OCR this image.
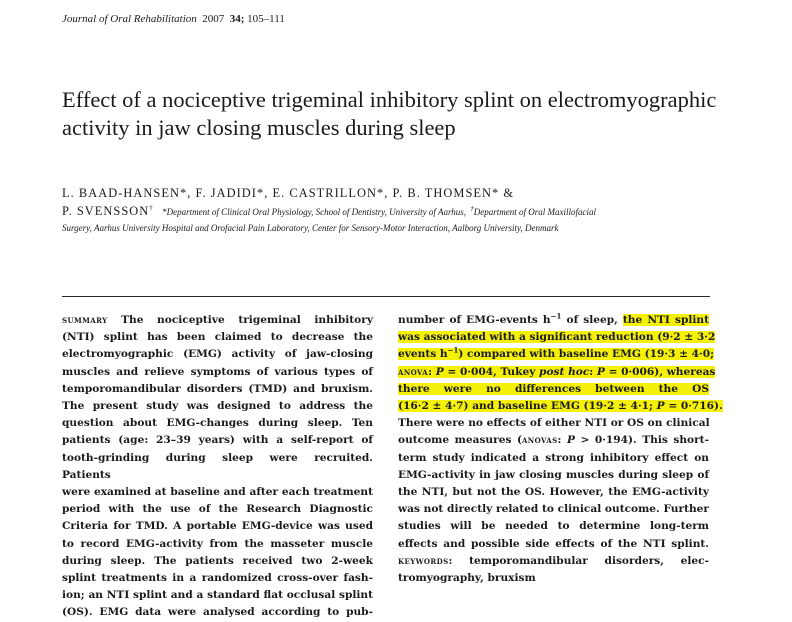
Journal of Oral Rehabilitation 2007 34; 105–111
Effect of a nociceptive trigeminal inhibitory splint on electromyographic activity in jaw closing muscles during sleep
L. BAAD-HANSEN*, F. JADIDI*, E. CASTRILLON*, P. B. THOMSEN* &
P. SVENSSON† *Department of Clinical Oral Physiology, School of Dentistry, University of Aarhus, †Department of Oral Maxillofacial
Surgery, Aarhus University Hospital and Orofacial Pain Laboratory, Center for Sensory-Motor Interaction, Aalborg University, Denmark
summary The nociceptive trigeminal inhibitory
(NTI) splint has been claimed to decrease the
electromyographic (EMG) activity of jaw-closing
muscles and relieve symptoms of various types of
temporomandibular disorders (TMD) and bruxism.
The present study was designed to address the
question about EMG-changes during sleep. Ten
patients (age: 23–39 years) with a self-report of
tooth-grinding during sleep were recruited. Patients
were examined at baseline and after each treatment
period with the use of the Research Diagnostic
Criteria for TMD. A portable EMG-device was used
to record EMG-activity from the masseter muscle
during sleep. The patients received two 2-week
splint treatments in a randomized cross-over fash-
ion; an NTI splint and a standard flat occlusal splint
(OS). EMG data were analysed according to pub-
number of EMG-events $h^{-1}$ of sleep, the NTI splint
was associated with a significant reduction (9·2 ± 3·2
events $h^{-1}$) compared with baseline EMG (19·3 ± 4·0;
anova: P = 0·004, Tukey post hoc: P = 0·006), whereas
there were no differences between the OS
(16·2 ± 4·7) and baseline EMG (19·2 ± 4·1; P = 0·716).
There were no effects of either NTI or OS on clinical
outcome measures (anovas: P > 0·194). This short-
term study indicated a strong inhibitory effect on
EMG-activity in jaw closing muscles during sleep of
the NTI, but not the OS. However, the EMG-activity
was not directly related to clinical outcome. Further
studies will be needed to determine long-term
effects and possible side effects of the NTI splint.
keywords: temporomandibular disorders, elec-
tromyography, bruxism
